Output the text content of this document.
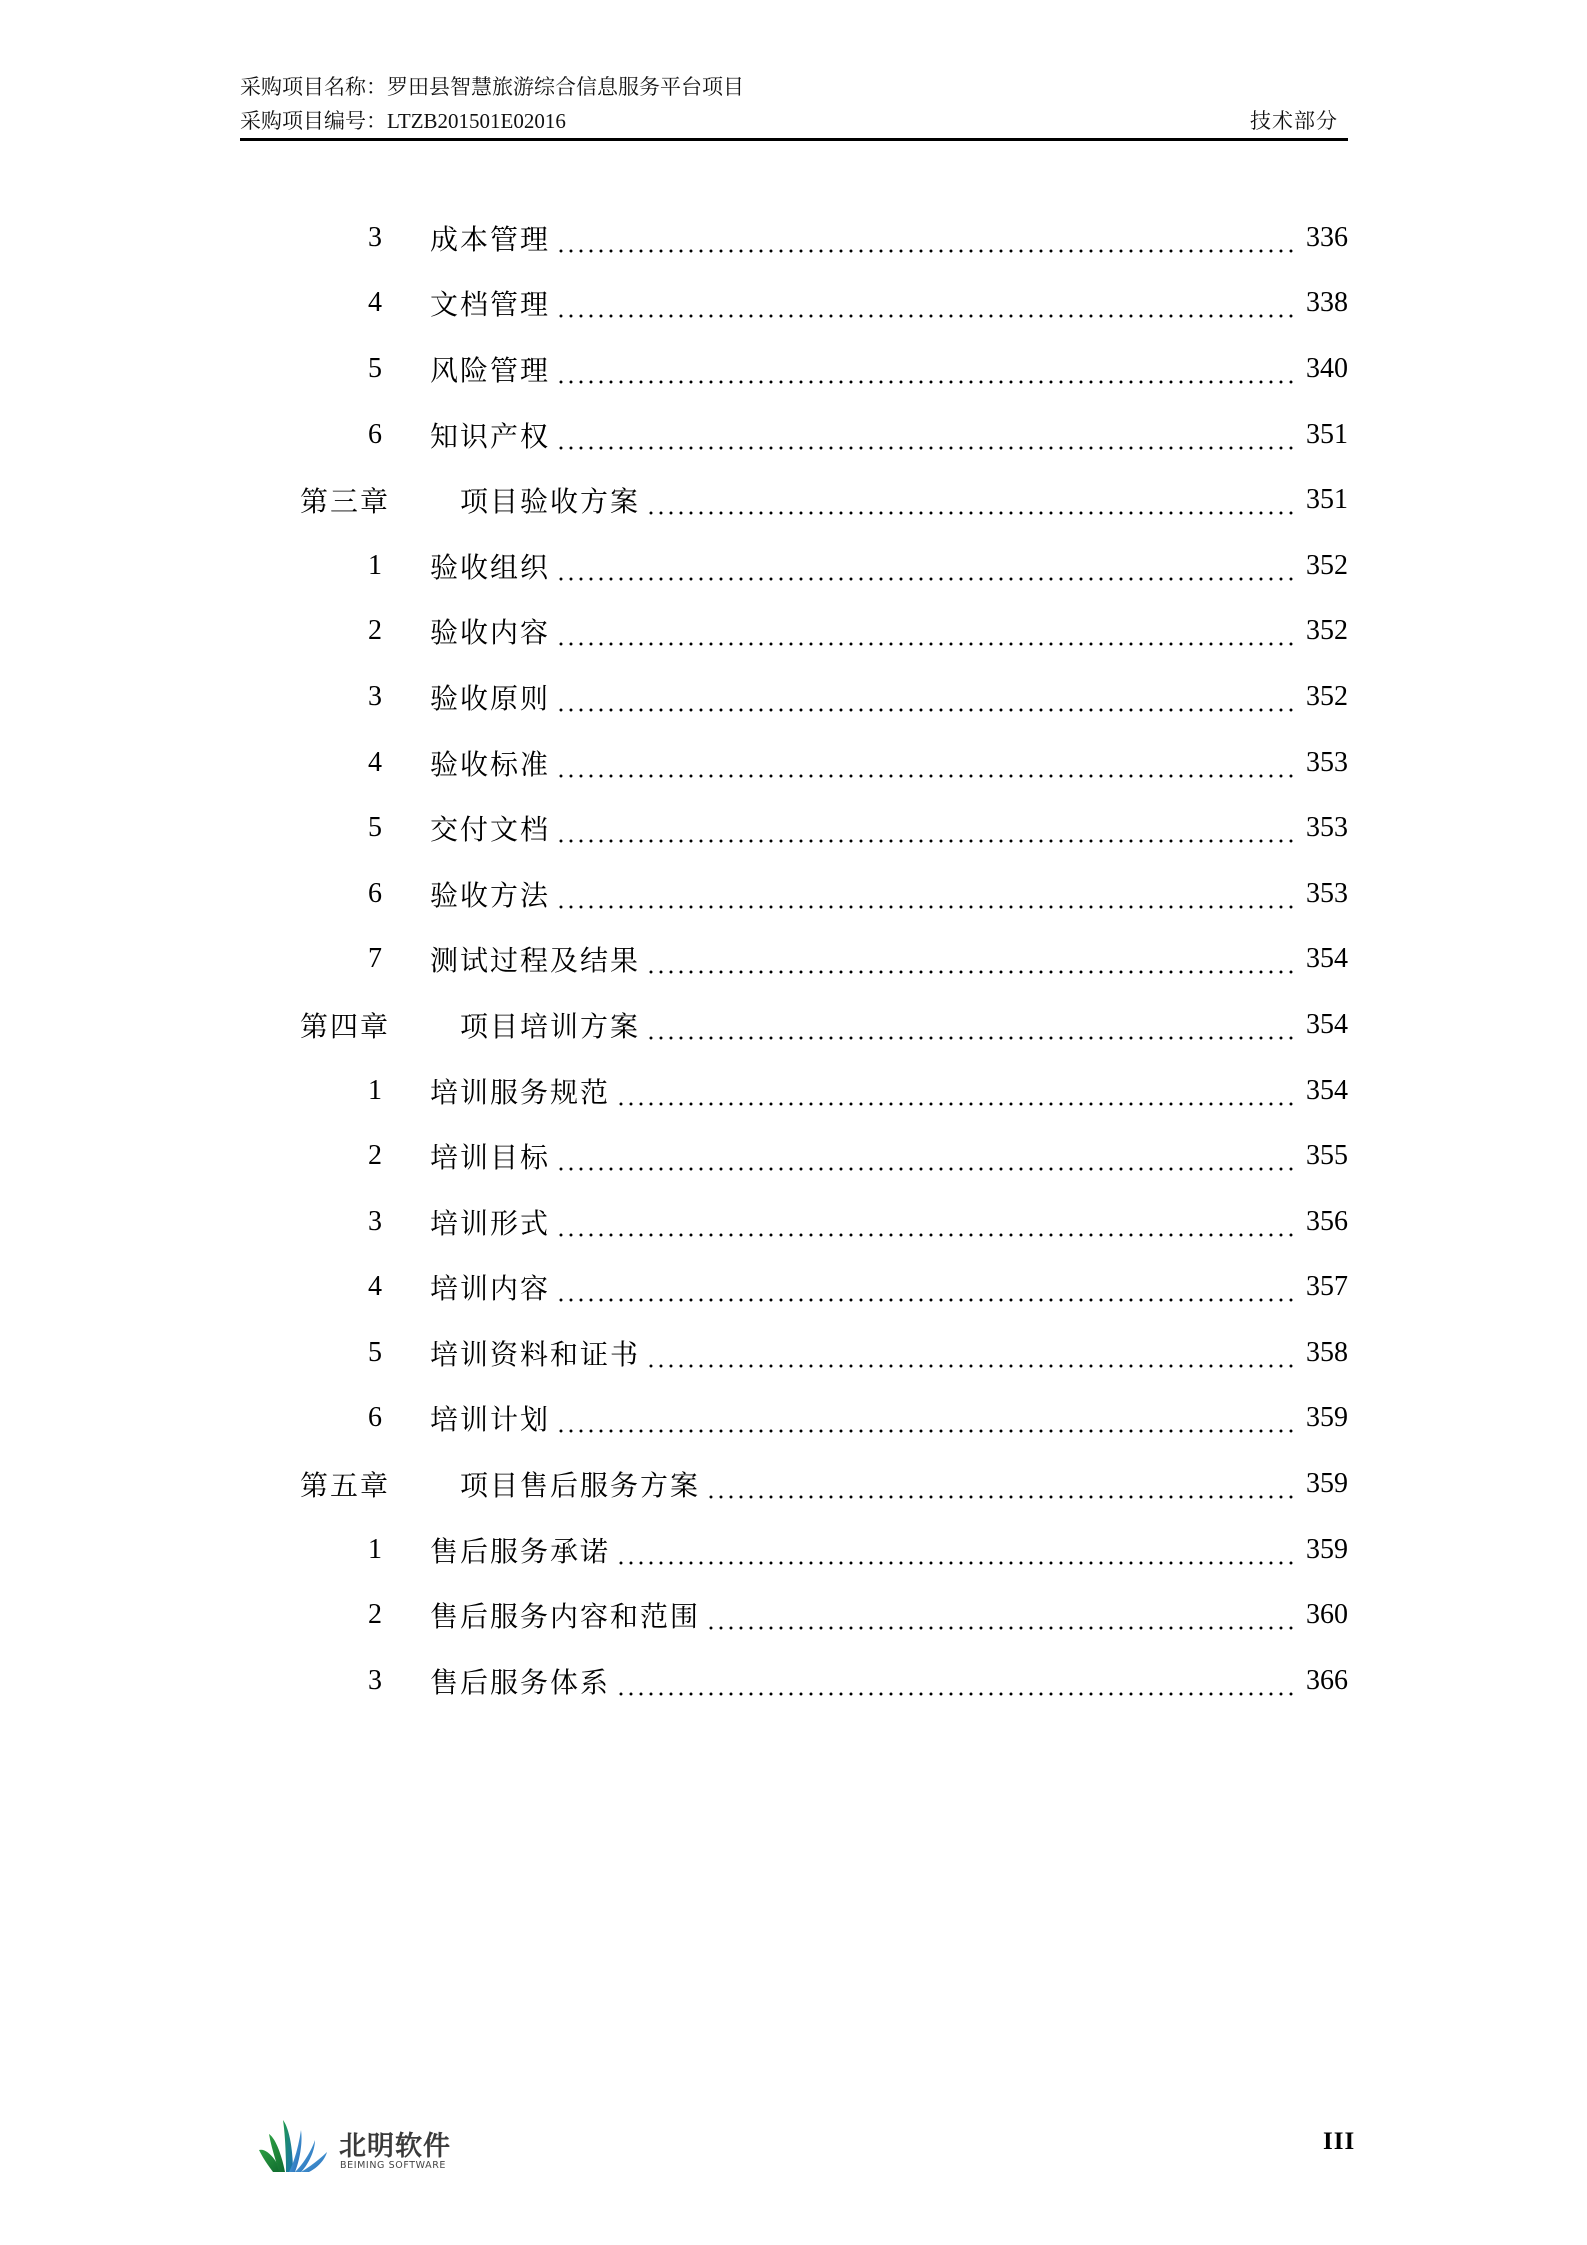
采购项目名称：罗田县智慧旅游综合信息服务平台项目
采购项目编号：LTZB201501E02016	技术部分
3	成本管理	336
4	文档管理	338
5	风险管理	340
6	知识产权	351
第三章	项目验收方案	351
1	验收组织	352
2	验收内容	352
3	验收原则	352
4	验收标准	353
5	交付文档	353
6	验收方法	353
7	测试过程及结果	354
第四章	项目培训方案	354
1	培训服务规范	354
2	培训目标	355
3	培训形式	356
4	培训内容	357
5	培训资料和证书	358
6	培训计划	359
第五章	项目售后服务方案	359
1	售后服务承诺	359
2	售后服务内容和范围	360
3	售后服务体系	366
北明软件
BEIMING SOFTWARE
III
